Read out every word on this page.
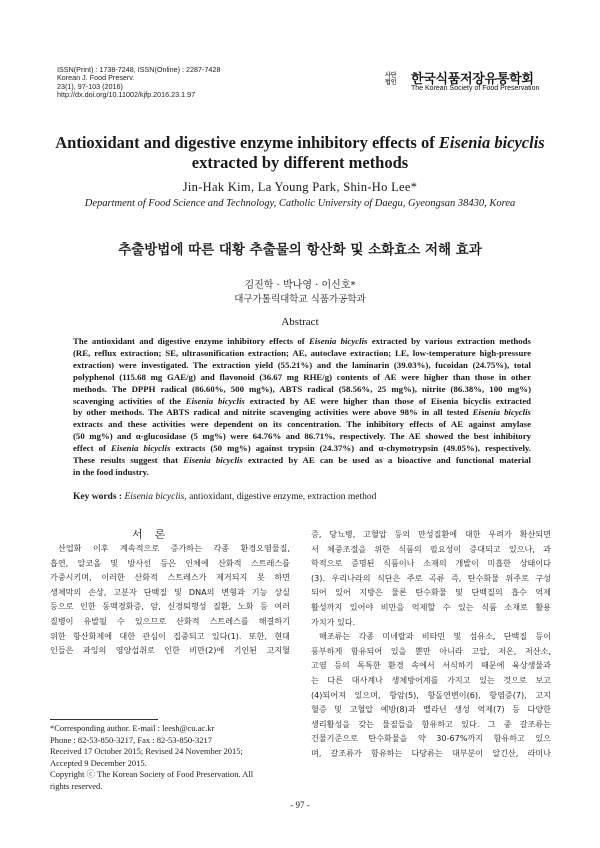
ISSN(Print) : 1738-7248, ISSN(Online) : 2287-7428
Korean J. Food Preserv.
23(1), 97-103 (2016)
http://dx.doi.org/10.11002/kjfp.2016.23.1.97
사단
법인 한국식품저장유통학회
The Korean Society of Food Preservation
Antioxidant and digestive enzyme inhibitory effects of Eisenia bicyclis
extracted by different methods
Jin-Hak Kim, La Young Park, Shin-Ho Lee*
Department of Food Science and Technology, Catholic University of Daegu, Gyeongsan 38430, Korea
추출방법에 따른 대황 추출물의 항산화 및 소화효소 저해 효과
김진학 · 박나영 · 이신호*
대구가톨릭대학교 식품가공학과
Abstract
The antioxidant and digestive enzyme inhibitory effects of Eisenia bicyclis extracted by various extraction methods
(RE, reflux extraction; SE, ultrasonification extraction; AE, autoclave extraction; LE, low-temperature high-pressure
extraction) were investigated. The extraction yield (55.21%) and the laminarin (39.03%), fucoidan (24.75%), total
polyphenol (115.68 mg GAE/g) and flavonoid (36.67 mg RHE/g) contents of AE were higher than those in other
methods. The DPPH radical (86.60%, 500 mg%), ABTS radical (58.56%, 25 mg%), nitrite (86.38%, 100 mg%)
scavenging activities of the Eisenia bicyclis extracted by AE were higher than those of Eisenia bicyclis extracted
by other methods. The ABTS radical and nitrite scavenging activities were above 98% in all tested Eisenia bicyclis
extracts and these activities were dependent on its concentration. The inhibitory effects of AE against amylase
(50 mg%) and α-glucosidase (5 mg%) were 64.76% and 86.71%, respectively. The AE showed the best inhibitory
effect of Eisenia bicyclis extracts (50 mg%) against trypsin (24.37%) and α-chymotrypsin (49.05%), respectively.
These results suggest that Eisenia bicyclis extracted by AE can be used as a bioactive and functional material
in the food industry.
Key words : Eisenia bicyclis, antioxidant, digestive enzyme, extraction method
서론
산업화 이후 계속적으로 증가하는 각종 환경오염물질,
흡연, 알코올 및 방사선 등은 인체에 산화적 스트레스를
가중시키며, 이러한 산화적 스트레스가 제거되지 못 하면
생체막의 손상, 고분자 단백질 및 DNA의 변형과 기능 상실
등으로 인한 동맥경화증, 암, 신경퇴행성 질환, 노화 등 여러
질병이 유발될 수 있으므로 산화적 스트레스를 해결하기
위한 항산화제에 대한 관심이 집중되고 있다(1). 또한, 현대
인들은 과잉의 영양섭취로 인한 비만(2)에 기인된 고지혈
증, 당뇨병, 고혈압 등의 만성질환에 대한 우려가 확산되면
서 체중조절을 위한 식품의 필요성이 증대되고 있으나, 과
학적으로 증명된 식품이나 소재의 개발이 미흡한 상태이다
(3). 우리나라의 식단은 주로 곡류 즉, 탄수화물 위주로 구성
되어 있어 지방은 물론 탄수화물 및 단백질의 흡수 억제
활성까지 있어야 비만을 억제할 수 있는 식품 소재로 활용
가치가 있다.
해조류는 각종 미네랄과 비타민 및 섬유소, 단백질 등이
풍부하게 함유되어 있을 뿐만 아니라 고압, 저온, 저산소,
고염 등의 독특한 환경 속에서 서식하기 때문에 육상생물과
는 다른 대사계나 생체방어계를 가지고 있는 것으로 보고
(4)되어져 있으며, 항암(5), 항돌연변이(6), 항염증(7), 고지
혈증 및 고혈압 예방(8)과 멜라닌 생성 억제(7) 등 다양한
생리활성을 갖는 물질들을 함유하고 있다. 그 중 갈조류는
건물기준으로 탄수화물을 약 30-67%까지 함유하고 있으
며, 갈조류가 함유하는 다당류는 대부분이 알긴산, 라미나
*Corresponding author. E-mail : leesh@cu.ac.kr
Phone : 82-53-850-3217, Fax : 82-53-850-3217
Received 17 October 2015; Revised 24 November 2015;
Accepted 9 December 2015.
Copyright ⓒ The Korean Society of Food Preservation. All
rights reserved.
- 97 -
